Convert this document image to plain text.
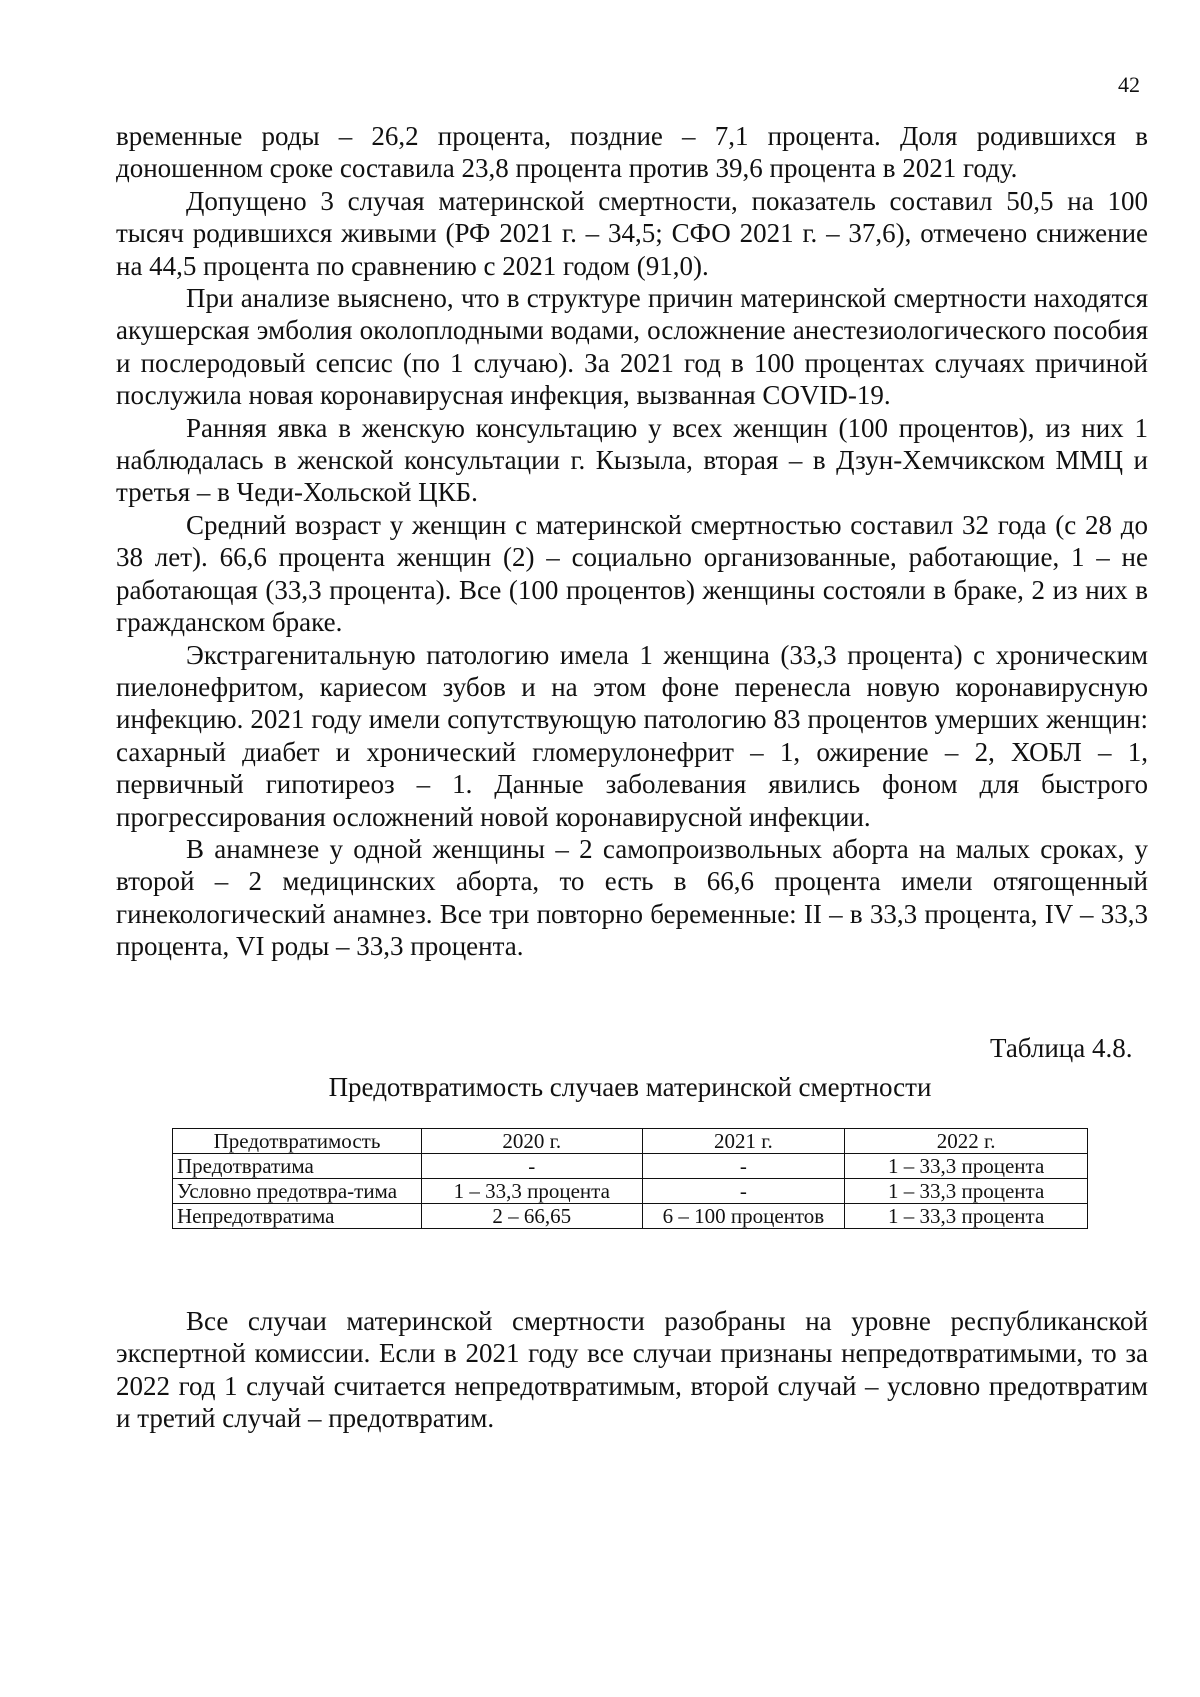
42

временные роды – 26,2 процента, поздние – 7,1 процента. Доля родившихся в доношенном сроке составила 23,8 процента против 39,6 процента в 2021 году.

Допущено 3 случая материнской смертности, показатель составил 50,5 на 100 тысяч родившихся живыми (РФ 2021 г. – 34,5; СФО 2021 г. – 37,6), отмечено снижение на 44,5 процента по сравнению с 2021 годом (91,0).

При анализе выяснено, что в структуре причин материнской смертности находятся акушерская эмболия околоплодными водами, осложнение анестезиологического пособия и послеродовый сепсис (по 1 случаю). За 2021 год в 100 процентах случаях причиной послужила новая коронавирусная инфекция, вызванная COVID-19.

Ранняя явка в женскую консультацию у всех женщин (100 процентов), из них 1 наблюдалась в женской консультации г. Кызыла, вторая – в Дзун-Хемчикском ММЦ и третья – в Чеди-Хольской ЦКБ.

Средний возраст у женщин с материнской смертностью составил 32 года (с 28 до 38 лет). 66,6 процента женщин (2) – социально организованные, работающие, 1 – не работающая (33,3 процента). Все (100 процентов) женщины состояли в браке, 2 из них в гражданском браке.

Экстрагенитальную патологию имела 1 женщина (33,3 процента) с хроническим пиелонефритом, кариесом зубов и на этом фоне перенесла новую коронавирусную инфекцию. 2021 году имели сопутствующую патологию 83 процентов умерших женщин: сахарный диабет и хронический гломерулонефрит – 1, ожирение – 2, ХОБЛ – 1, первичный гипотиреоз – 1. Данные заболевания явились фоном для быстрого прогрессирования осложнений новой коронавирусной инфекции.

В анамнезе у одной женщины – 2 самопроизвольных аборта на малых сроках, у второй – 2 медицинских аборта, то есть в 66,6 процента имели отягощенный гинекологический анамнез. Все три повторно беременные: II – в 33,3 процента, IV – 33,3 процента, VI роды – 33,3 процента.

Таблица 4.8.
Предотвратимость случаев материнской смертности
Предотвратимость	2020 г.	2021 г.	2022 г.
Предотвратима	-	-	1 – 33,3 процента
Условно предотвра-тима	1 – 33,3 процента	-	1 – 33,3 процента
Непредотвратима	2 – 66,65	6 – 100 процентов	1 – 33,3 процента

Все случаи материнской смертности разобраны на уровне республиканской экспертной комиссии. Если в 2021 году все случаи признаны непредотвратимыми, то за 2022 год 1 случай считается непредотвратимым, второй случай – условно предотвратим и третий случай – предотвратим.
